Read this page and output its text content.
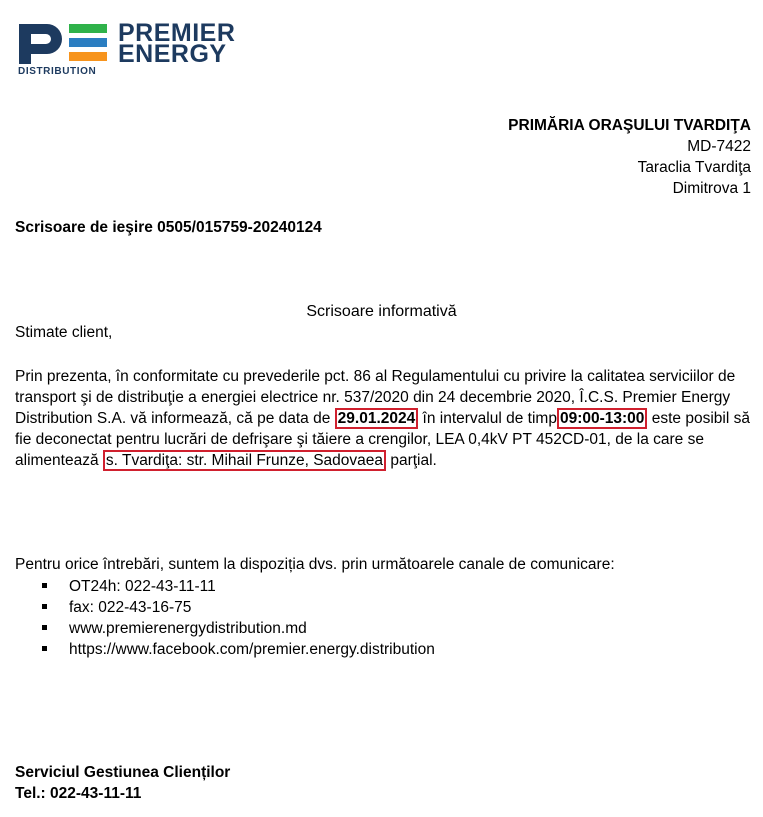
PREMIER
ENERGY
DISTRIBUTION
PRIMĂRIA ORAŞULUI TVARDIŢA
MD-7422
Taraclia Tvardiţa
Dimitrova 1
Scrisoare de ieşire 0505/015759-20240124
Scrisoare informativă
Stimate client,
Prin prezenta, în conformitate cu prevederile pct. 86 al Regulamentului cu privire la calitatea serviciilor de transport şi de distribuţie a energiei electrice nr. 537/2020 din 24 decembrie 2020, Î.C.S. Premier Energy Distribution S.A. vă informează, că pe data de 29.01.2024 în intervalul de timp 09:00-13:00 este posibil să fie deconectat pentru lucrări de defrişare şi tăiere a crengilor, LEA 0,4kV PT 452CD-01, de la care se alimentează s. Tvardiţa: str. Mihail Frunze, Sadovaea parţial.
Pentru orice întrebări, suntem la dispoziția dvs. prin următoarele canale de comunicare:
OT24h: 022-43-11-11
fax: 022-43-16-75
www.premierenergydistribution.md
https://www.facebook.com/premier.energy.distribution
Serviciul Gestiunea Clienților
Tel.: 022-43-11-11
